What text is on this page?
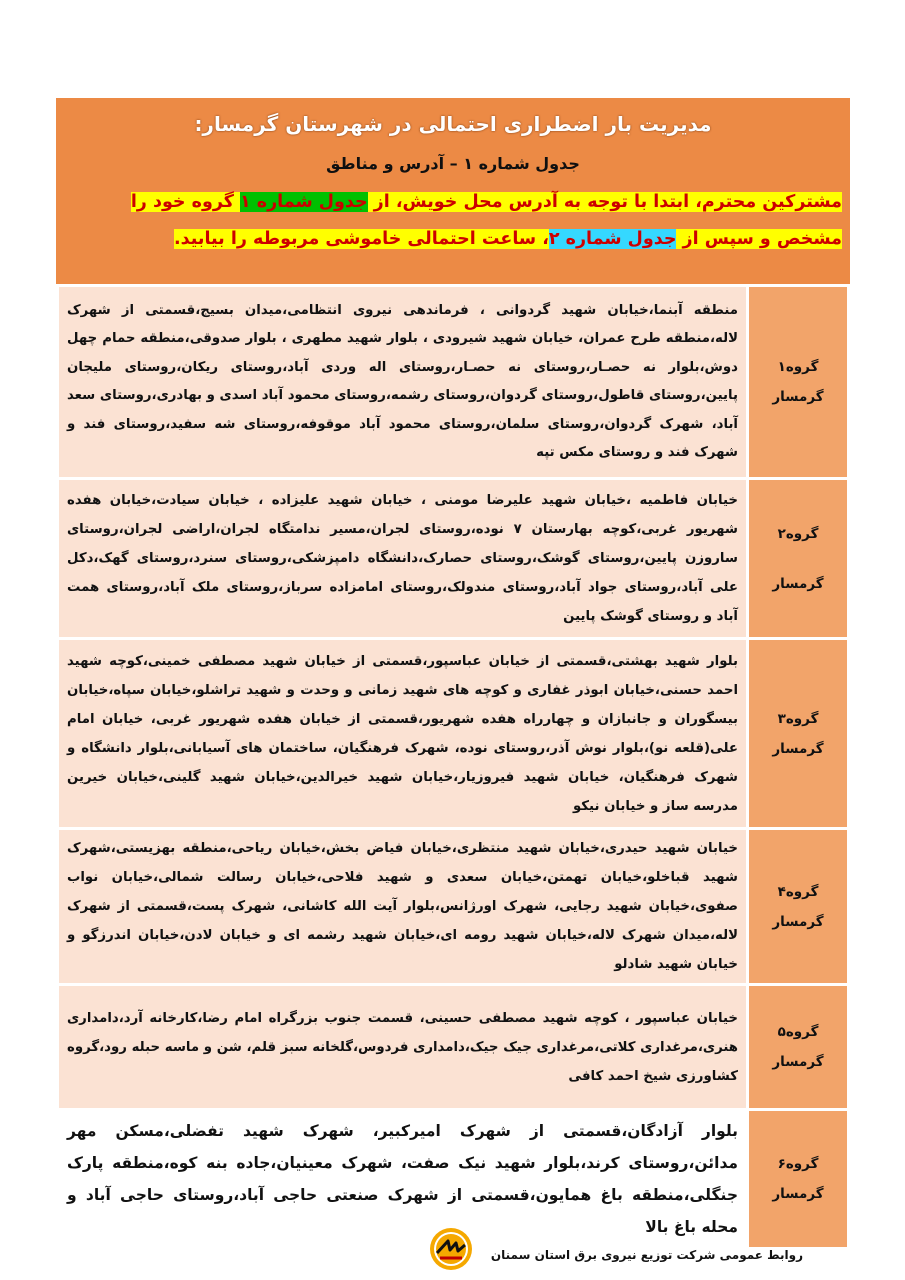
مدیریت بار اضطراری احتمالی در شهرستان گرمسار:
جدول شماره ۱ – آدرس و مناطق
مشترکین محترم، ابتدا با توجه به آدرس محل خویش، از جدول شماره ۱ گروه خود را
مشخص و سپس از جدول شماره ۲، ساعت احتمالی خاموشی مربوطه را بیابید.
گروه۱
گرمسار	منطقه آبنما،خیابان شهید گردوانی ، فرماندهی نیروی انتظامی،میدان بسیج،قسمتی از شهرک لاله،منطقه طرح عمران، خیابان شهید شیرودی ، بلوار شهید مطهری ، بلوار صدوقی،منطقه حمام چهل دوش،بلوار نه حصـار،روستای نه حصـار،روستای اله وردی آباد،روستای ریکان،روستای ملیجان پایین،روستای قاطول،روستای گردوان،روستای رشمه،روستای محمود آباد اسدی و بهادری،روستای سعد آباد، شهرک گردوان،روستای سلمان،روستای محمود آباد موقوفه،روستای شه سفید،روستای فند و شهرک فند و روستای مکس تپه

گروه۲
گرمسار	خیابان فاطمیه ،خیابان شهید علیرضا مومنی ، خیابان شهید علیزاده ، خیابان سیادت،خیابان هفده شهریور غربی،کوچه بهارستان ۷ نوده،روستای لجران،مسیر ندامتگاه لجران،اراضی لجران،روستای ساروزن پایین،روستای گوشک،روستای حصارک،دانشگاه دامپزشکی،روستای سنرد،روستای گهک،دکل علی آباد،روستای جواد آباد،روستای مندولک،روستای امامزاده سرباز،روستای ملک آباد،روستای همت آباد و روستای گوشک پایین

گروه۳
گرمسار	بلوار شهید بهشتی،قسمتی از خیابان عباسپور،قسمتی از خیابان شهید مصطفی خمینی،کوچه شهید احمد حسنی،خیابان ابوذر غفاری و کوچه های شهید زمانی و وحدت و شهید تراشلو،خیابان سپاه،خیابان بیسگوران و جانبازان و چهارراه هفده شهریور،قسمتی از خیابان هفده شهریور غربی، خیابان امام علی(قلعه نو)،بلوار نوش آذر،روستای نوده، شهرک فرهنگیان، ساختمان های آسیابانی،بلوار دانشگاه و شهرک فرهنگیان، خیابان شهید فیروزیار،خیابان شهید خیرالدین،خیابان شهید گلینی،خیابان خیرین مدرسه ساز و خیابان نیکو

گروه۴
گرمسار	خیابان شهید حیدری،خیابان شهید منتظری،خیابان فیاض بخش،خیابان ریاحی،منطقه بهزیستی،شهرک شهید قباخلو،خیابان تهمتن،خیابان سعدی و شهید فلاحی،خیابان رسالت شمالی،خیابان نواب صفوی،خیابان شهید رجایی، شهرک اورژانس،بلوار آیت الله کاشانی، شهرک پست،قسمتی از شهرک لاله،میدان شهرک لاله،خیابان شهید رومه ای،خیابان شهید رشمه ای و خیابان لادن،خیابان اندرزگو و خیابان شهید شادلو

گروه۵
گرمسار	خیابان عباسپور ، کوچه شهید مصطفی حسینی، قسمت جنوب بزرگراه امام رضا،کارخانه آرد،دامداری هنری،مرغداری کلاتی،مرغداری جیک جیک،دامداری فردوس،گلخانه سبز قلم، شن و ماسه حبله رود،گروه کشاورزی شیخ احمد کافی

گروه۶
گرمسار	بلوار آزادگان،قسمتی از شهرک امیرکبیر، شهرک شهید تفضلی،مسکن مهر مدائن،روستای کرند،بلوار شهید نیک صفت، شهرک معینیان،جاده بنه کوه،منطقه پارک جنگلی،منطقه باغ همایون،قسمتی از شهرک صنعتی حاجی آباد،روستای حاجی آباد و محله باغ بالا
روابط عمومی شرکت توزیع نیروی برق استان سمنان
